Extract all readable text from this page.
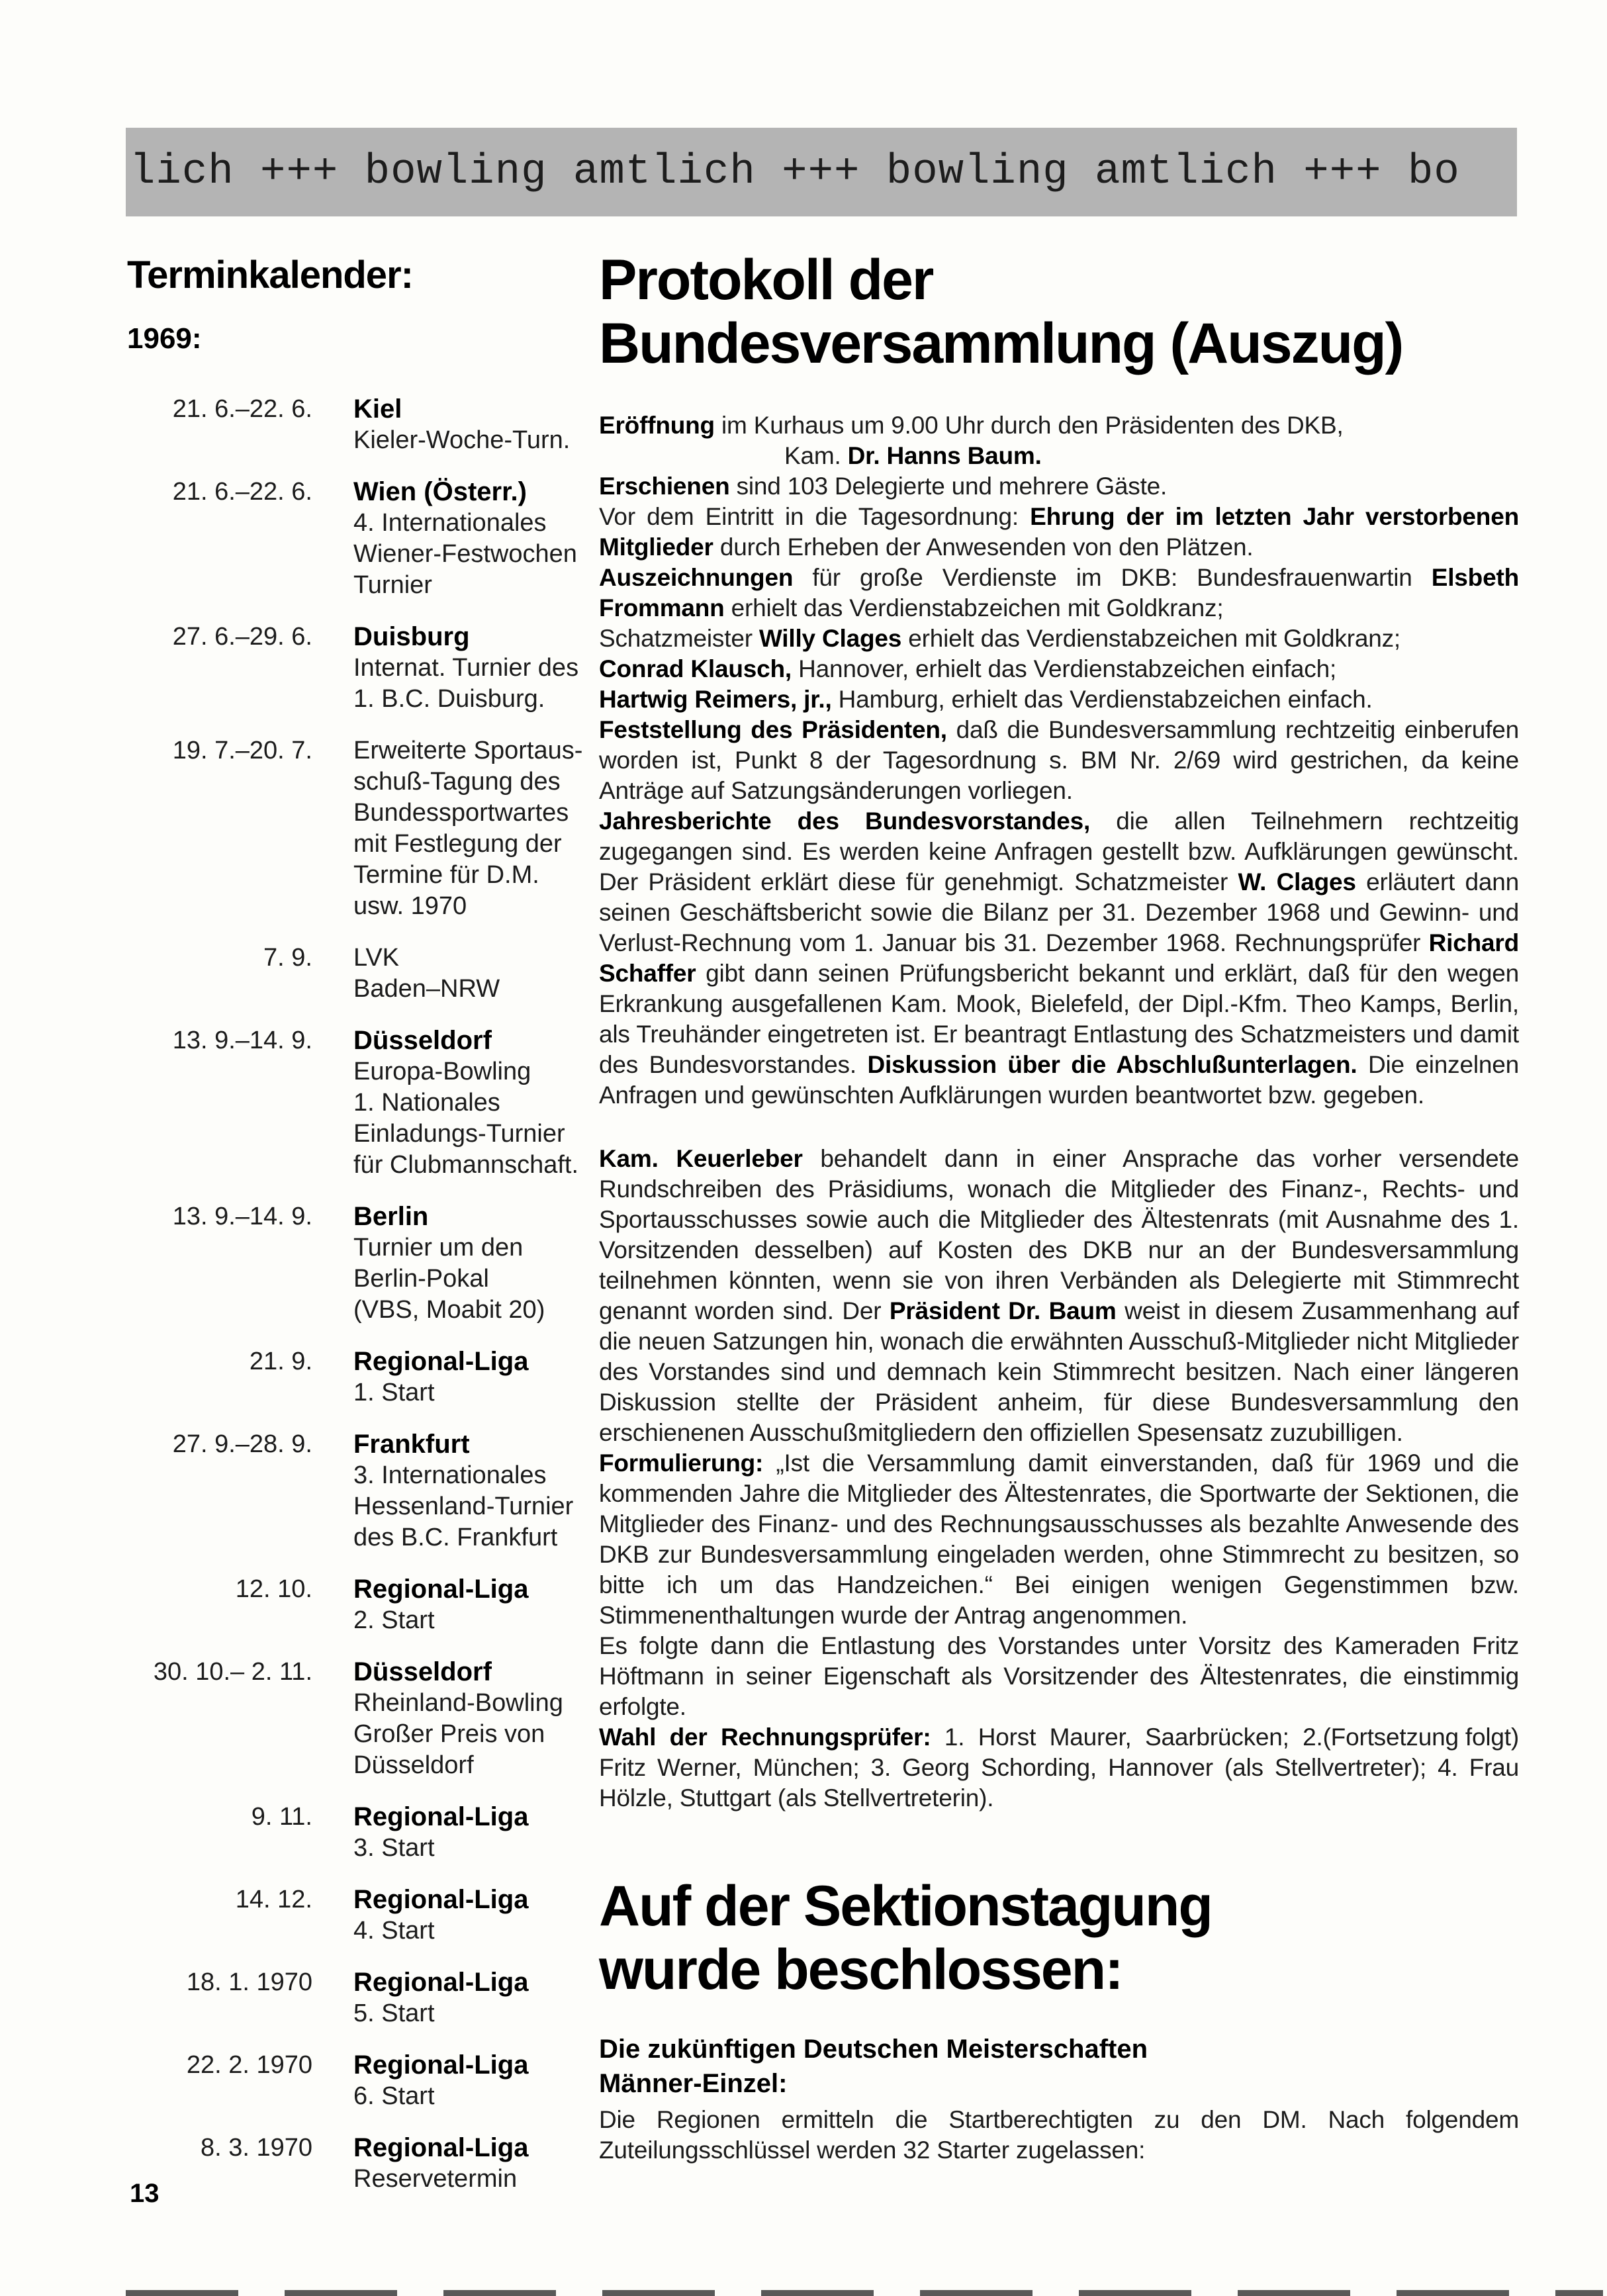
lich +++ bowling amtlich +++ bowling amtlich +++ bo
Terminkalender:
1969:
21. 6.–22. 6. Kiel
Kieler-Woche-Turn.
21. 6.–22. 6. Wien (Österr.)
4. Internationales
Wiener-Festwochen
Turnier
27. 6.–29. 6. Duisburg
Internat. Turnier des
1. B.C. Duisburg.
19. 7.–20. 7. Erweiterte Sportaus-
schuß-Tagung des
Bundessportwartes
mit Festlegung der
Termine für D.M.
usw. 1970
7. 9. LVK
Baden–NRW
13. 9.–14. 9. Düsseldorf
Europa-Bowling
1. Nationales
Einladungs-Turnier
für Clubmannschaft.
13. 9.–14. 9. Berlin
Turnier um den
Berlin-Pokal
(VBS, Moabit 20)
21. 9. Regional-Liga
1. Start
27. 9.–28. 9. Frankfurt
3. Internationales
Hessenland-Turnier
des B.C. Frankfurt
12. 10. Regional-Liga
2. Start
30. 10.– 2. 11. Düsseldorf
Rheinland-Bowling
Großer Preis von
Düsseldorf
9. 11. Regional-Liga
3. Start
14. 12. Regional-Liga
4. Start
18. 1. 1970 Regional-Liga
5. Start
22. 2. 1970 Regional-Liga
6. Start
8. 3. 1970 Regional-Liga
Reservetermin
Protokoll der
Bundesversammlung (Auszug)

Eröffnung im Kurhaus um 9.00 Uhr durch den Präsidenten des DKB,

Kam. Dr. Hanns Baum.

Erschienen sind 103 Delegierte und mehrere Gäste.

Vor dem Eintritt in die Tagesordnung: Ehrung der im letzten Jahr verstorbenen Mitglieder durch Erheben der Anwesenden von den Plätzen.

Auszeichnungen für große Verdienste im DKB: Bundesfrauenwartin Elsbeth Frommann erhielt das Verdienstabzeichen mit Goldkranz;

Schatzmeister Willy Clages erhielt das Verdienstabzeichen mit Goldkranz;

Conrad Klausch, Hannover, erhielt das Verdienstabzeichen einfach;

Hartwig Reimers, jr., Hamburg, erhielt das Verdienstabzeichen einfach.

Feststellung des Präsidenten, daß die Bundesversammlung rechtzeitig einberufen worden ist, Punkt 8 der Tagesordnung s. BM Nr. 2/69 wird gestrichen, da keine Anträge auf Satzungsänderungen vorliegen.

Jahresberichte des Bundesvorstandes, die allen Teilnehmern rechtzeitig zugegangen sind. Es werden keine Anfragen gestellt bzw. Aufklärungen gewünscht. Der Präsident erklärt diese für genehmigt. Schatzmeister W. Clages erläutert dann seinen Geschäftsbericht sowie die Bilanz per 31. Dezember 1968 und Gewinn- und Verlust-Rechnung vom 1. Januar bis 31. Dezember 1968. Rechnungsprüfer Richard Schaffer gibt dann seinen Prüfungsbericht bekannt und erklärt, daß für den wegen Erkrankung ausgefallenen Kam. Mook, Bielefeld, der Dipl.-Kfm. Theo Kamps, Berlin, als Treuhänder eingetreten ist. Er beantragt Entlastung des Schatzmeisters und damit des Bundesvorstandes. Diskussion über die Abschlußunterlagen. Die einzelnen Anfragen und gewünschten Aufklärungen wurden beantwortet bzw. gegeben.

Kam. Keuerleber behandelt dann in einer Ansprache das vorher versendete Rundschreiben des Präsidiums, wonach die Mitglieder des Finanz-, Rechts- und Sportausschusses sowie auch die Mitglieder des Ältestenrats (mit Ausnahme des 1. Vorsitzenden desselben) auf Kosten des DKB nur an der Bundesversammlung teilnehmen könnten, wenn sie von ihren Verbänden als Delegierte mit Stimmrecht genannt worden sind. Der Präsident Dr. Baum weist in diesem Zusammenhang auf die neuen Satzungen hin, wonach die erwähnten Ausschuß-Mitglieder nicht Mitglieder des Vorstandes sind und demnach kein Stimmrecht besitzen. Nach einer längeren Diskussion stellte der Präsident anheim, für diese Bundesversammlung den erschienenen Ausschußmitgliedern den offiziellen Spesensatz zuzubilligen.

Formulierung: „Ist die Versammlung damit einverstanden, daß für 1969 und die kommenden Jahre die Mitglieder des Ältestenrates, die Sportwarte der Sektionen, die Mitglieder des Finanz- und des Rechnungsausschusses als bezahlte Anwesende des DKB zur Bundesversammlung eingeladen werden, ohne Stimmrecht zu besitzen, so bitte ich um das Handzeichen.“ Bei einigen wenigen Gegenstimmen bzw. Stimmenenthaltungen wurde der Antrag angenommen.

Es folgte dann die Entlastung des Vorstandes unter Vorsitz des Kameraden Fritz Höftmann in seiner Eigenschaft als Vorsitzender des Ältestenrates, die einstimmig erfolgte.

(Fortsetzung folgt)
Wahl der Rechnungsprüfer: 1. Horst Maurer, Saarbrücken; 2. Fritz Werner, München; 3. Georg Schording, Hannover (als Stellvertreter); 4. Frau Hölzle, Stuttgart (als Stellvertreterin).

Auf der Sektionstagung
wurde beschlossen:

Die zukünftigen Deutschen Meisterschaften

Männer-Einzel:

Die Regionen ermitteln die Startberechtigten zu den DM. Nach folgendem Zuteilungsschlüssel werden 32 Starter zugelassen:

13
